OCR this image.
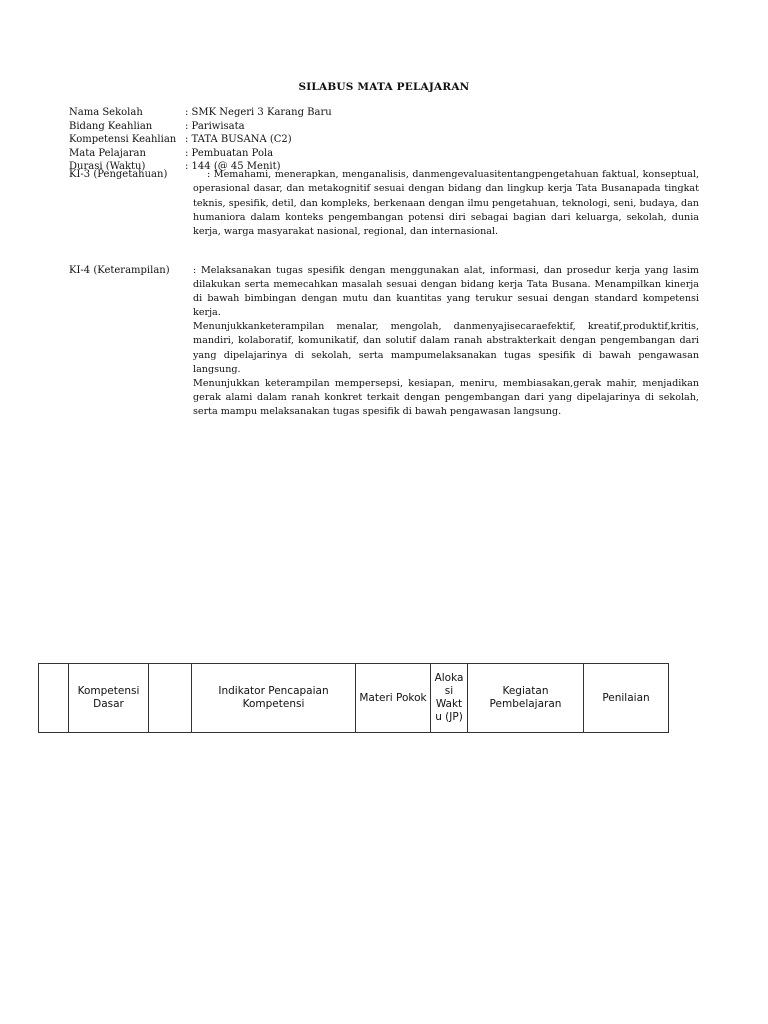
SILABUS MATA PELAJARAN
Nama Sekolah	: SMK Negeri 3 Karang Baru
Bidang Keahlian	: Pariwisata
Kompetensi Keahlian : TATA BUSANA (C2)
Mata Pelajaran	: Pembuatan Pola
Durasi (Waktu)	: 144 (@ 45 Menit)
KI-3 (Pengetahuan)	: Memahami, menerapkan, menganalisis, danmengevaluasitentangpengetahuan faktual, konseptual, operasional dasar, dan metakognitif sesuai dengan bidang dan lingkup kerja Tata Busanapada tingkat teknis, spesifik, detil, dan kompleks, berkenaan dengan ilmu pengetahuan, teknologi, seni, budaya, dan humaniora dalam konteks pengembangan potensi diri sebagai bagian dari keluarga, sekolah, dunia kerja, warga masyarakat nasional, regional, dan internasional.

KI-4 (Keterampilan) : Melaksanakan tugas spesifik dengan menggunakan alat, informasi, dan prosedur kerja yang lasim dilakukan serta memecahkan masalah sesuai dengan bidang kerja Tata Busana. Menampilkan kinerja di bawah bimbingan dengan mutu dan kuantitas yang terukur sesuai dengan standard kompetensi kerja.

Menunjukkanketerampilan menalar, mengolah, danmenyajisecaraefektif, kreatif,produktif,kritis, mandiri, kolaboratif, komunikatif, dan solutif dalam ranah abstrakterkait dengan pengembangan dari yang dipelajarinya di sekolah, serta mampumelaksanakan tugas spesifik di bawah pengawasan langsung.

Menunjukkan keterampilan mempersepsi, kesiapan, meniru, membiasakan,gerak mahir, menjadikan gerak alami dalam ranah konkret terkait dengan pengembangan dari yang dipelajarinya di sekolah, serta mampu melaksanakan tugas spesifik di bawah pengawasan langsung.

	Kompetensi Dasar		Indikator Pencapaian Kompetensi	Materi Pokok	Aloka si Wakt u (JP)	Kegiatan Pembelajaran	Penilaian
